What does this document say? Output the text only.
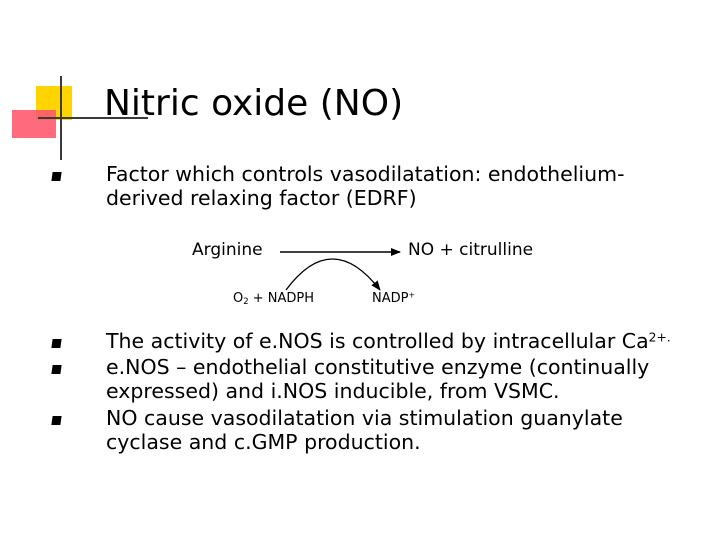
Nitric oxide (NO)
Factor which controls vasodilatation: endothelium-
derived relaxing factor (EDRF)
Arginine	NO + citrulline
$O_2$ + NADPH	NADP+
The activity of e.NOS is controlled by intracellular $Ca^{2+.}$
e.NOS – endothelial constitutive enzyme (continually
expressed) and i.NOS inducible, from VSMC.
NO cause vasodilatation via stimulation guanylate
cyclase and c.GMP production.
